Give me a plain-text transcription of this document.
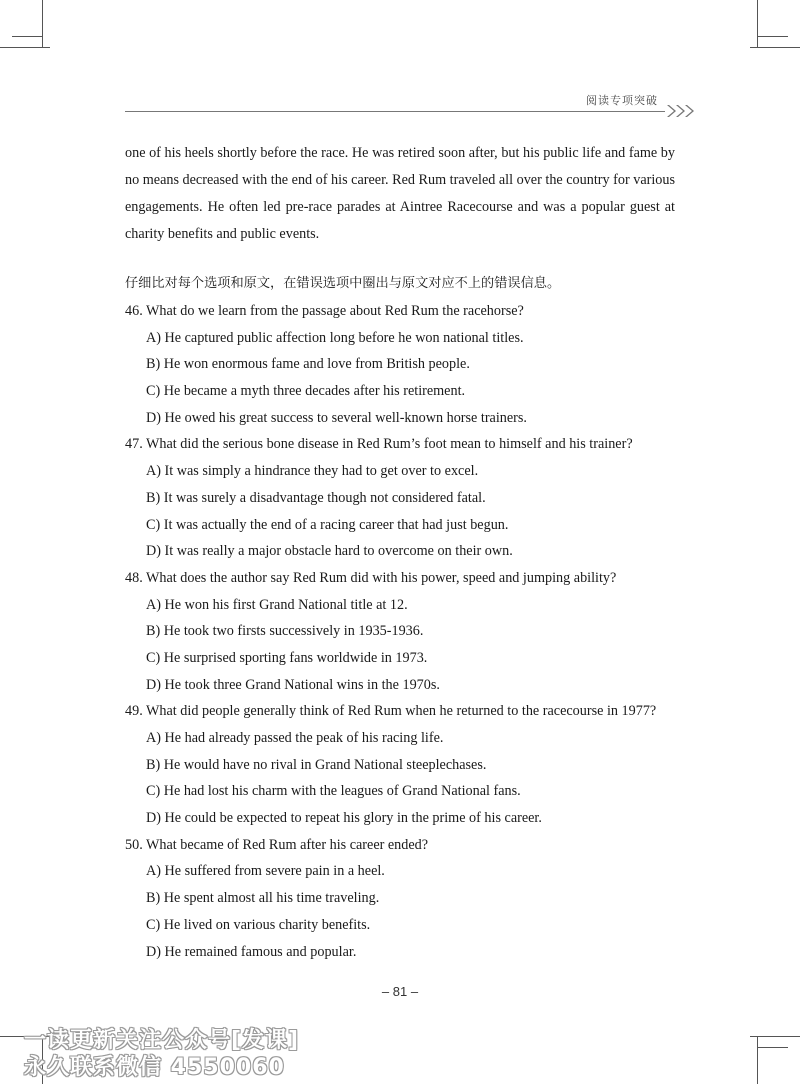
阅读专项突破
one of his heels shortly before the race. He was retired soon after, but his public life and fame by no means decreased with the end of his career. Red Rum traveled all over the country for various engagements. He often led pre-race parades at Aintree Racecourse and was a popular guest at charity benefits and public events.
仔细比对每个选项和原文，在错误选项中圈出与原文对应不上的错误信息。
46. What do we learn from the passage about Red Rum the racehorse?
A) He captured public affection long before he won national titles.
B) He won enormous fame and love from British people.
C) He became a myth three decades after his retirement.
D) He owed his great success to several well-known horse trainers.
47. What did the serious bone disease in Red Rum’s foot mean to himself and his trainer?
A) It was simply a hindrance they had to get over to excel.
B) It was surely a disadvantage though not considered fatal.
C) It was actually the end of a racing career that had just begun.
D) It was really a major obstacle hard to overcome on their own.
48. What does the author say Red Rum did with his power, speed and jumping ability?
A) He won his first Grand National title at 12.
B) He took two firsts successively in 1935-1936.
C) He surprised sporting fans worldwide in 1973.
D) He took three Grand National wins in the 1970s.
49. What did people generally think of Red Rum when he returned to the racecourse in 1977?
A) He had already passed the peak of his racing life.
B) He would have no rival in Grand National steeplechases.
C) He had lost his charm with the leagues of Grand National fans.
D) He could be expected to repeat his glory in the prime of his career.
50. What became of Red Rum after his career ended?
A) He suffered from severe pain in a heel.
B) He spent almost all his time traveling.
C) He lived on various charity benefits.
D) He remained famous and popular.
– 81 –
一读更新关注公众号[发课]
永久联系微信 4550060
